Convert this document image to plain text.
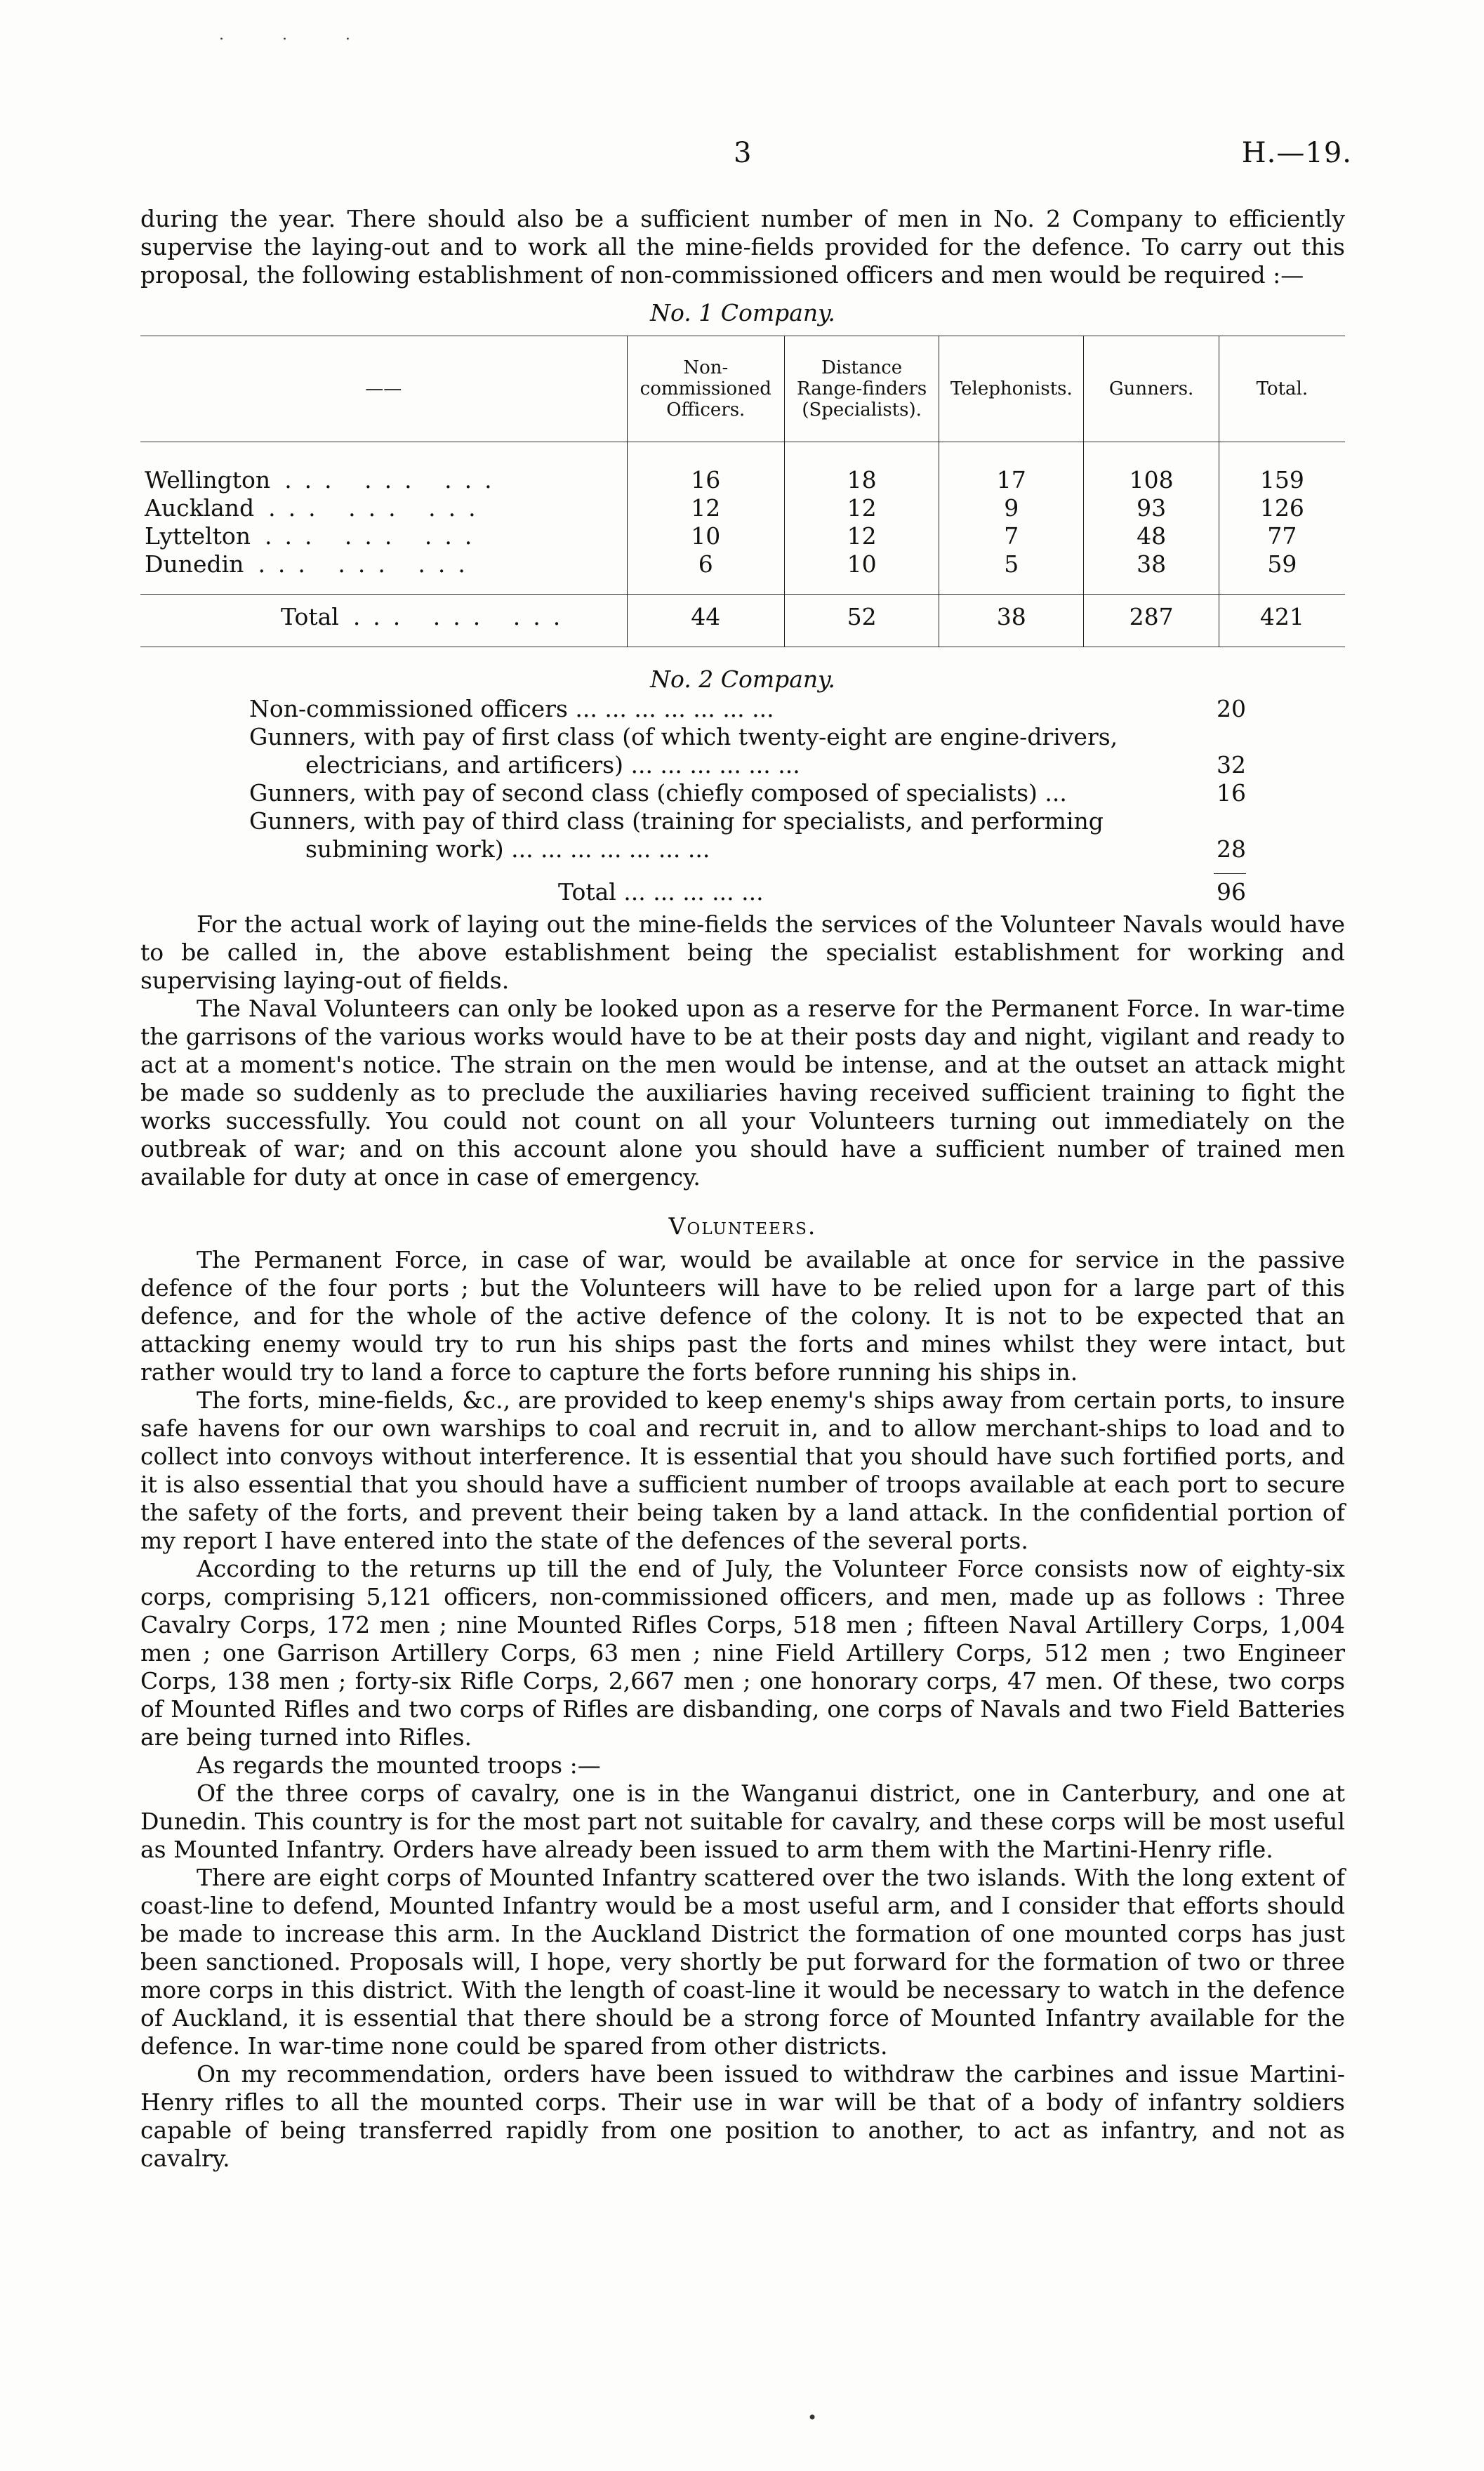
· · ·
3	H.—19.

during the year. There should also be a sufficient number of men in No. 2 Company to efficiently supervise the laying-out and to work all the mine-fields provided for the defence. To carry out this proposal, the following establishment of non-commissioned officers and men would be required :—

No. 1 Company.
——	Non-commissioned Officers.	Distance Range-finders (Specialists).	Telephonists.	Gunners.	Total.
Wellington ... ... ...	16	18	17	108	159
Auckland ... ... ...	12	12	9	93	126
Lyttelton ... ... ...	10	12	7	48	77
Dunedin ... ... ...	6	10	5	38	59
Total ... ... ...	44	52	38	287	421
No. 2 Company.
Non-commissioned officers ... ... ... ... ... ... ...	20
Gunners, with pay of first class (of which twenty-eight are engine-drivers,
electricians, and artificers) ... ... ... ... ... ...	32
Gunners, with pay of second class (chiefly composed of specialists) ...	16
Gunners, with pay of third class (training for specialists, and performing
submining work) ... ... ... ... ... ... ...	28
Total ... ... ... ... ...	96

For the actual work of laying out the mine-fields the services of the Volunteer Navals would have to be called in, the above establishment being the specialist establishment for working and supervising laying-out of fields.

The Naval Volunteers can only be looked upon as a reserve for the Permanent Force. In war-time the garrisons of the various works would have to be at their posts day and night, vigilant and ready to act at a moment's notice. The strain on the men would be intense, and at the outset an attack might be made so suddenly as to preclude the auxiliaries having received sufficient training to fight the works successfully. You could not count on all your Volunteers turning out immediately on the outbreak of war; and on this account alone you should have a sufficient number of trained men available for duty at once in case of emergency.

Volunteers.

The Permanent Force, in case of war, would be available at once for service in the passive defence of the four ports ; but the Volunteers will have to be relied upon for a large part of this defence, and for the whole of the active defence of the colony. It is not to be expected that an attacking enemy would try to run his ships past the forts and mines whilst they were intact, but rather would try to land a force to capture the forts before running his ships in.

The forts, mine-fields, &c., are provided to keep enemy's ships away from certain ports, to insure safe havens for our own warships to coal and recruit in, and to allow merchant-ships to load and to collect into convoys without interference. It is essential that you should have such fortified ports, and it is also essential that you should have a sufficient number of troops available at each port to secure the safety of the forts, and prevent their being taken by a land attack. In the confidential portion of my report I have entered into the state of the defences of the several ports.

According to the returns up till the end of July, the Volunteer Force consists now of eighty-six corps, comprising 5,121 officers, non-commissioned officers, and men, made up as follows : Three Cavalry Corps, 172 men ; nine Mounted Rifles Corps, 518 men ; fifteen Naval Artillery Corps, 1,004 men ; one Garrison Artillery Corps, 63 men ; nine Field Artillery Corps, 512 men ; two Engineer Corps, 138 men ; forty-six Rifle Corps, 2,667 men ; one honorary corps, 47 men. Of these, two corps of Mounted Rifles and two corps of Rifles are disbanding, one corps of Navals and two Field Batteries are being turned into Rifles.

As regards the mounted troops :—

Of the three corps of cavalry, one is in the Wanganui district, one in Canterbury, and one at Dunedin. This country is for the most part not suitable for cavalry, and these corps will be most useful as Mounted Infantry. Orders have already been issued to arm them with the Martini-Henry rifle.

There are eight corps of Mounted Infantry scattered over the two islands. With the long extent of coast-line to defend, Mounted Infantry would be a most useful arm, and I consider that efforts should be made to increase this arm. In the Auckland District the formation of one mounted corps has just been sanctioned. Proposals will, I hope, very shortly be put forward for the formation of two or three more corps in this district. With the length of coast-line it would be necessary to watch in the defence of Auckland, it is essential that there should be a strong force of Mounted Infantry available for the defence. In war-time none could be spared from other districts.

On my recommendation, orders have been issued to withdraw the carbines and issue Martini-Henry rifles to all the mounted corps. Their use in war will be that of a body of infantry soldiers capable of being transferred rapidly from one position to another, to act as infantry, and not as cavalry.

•
